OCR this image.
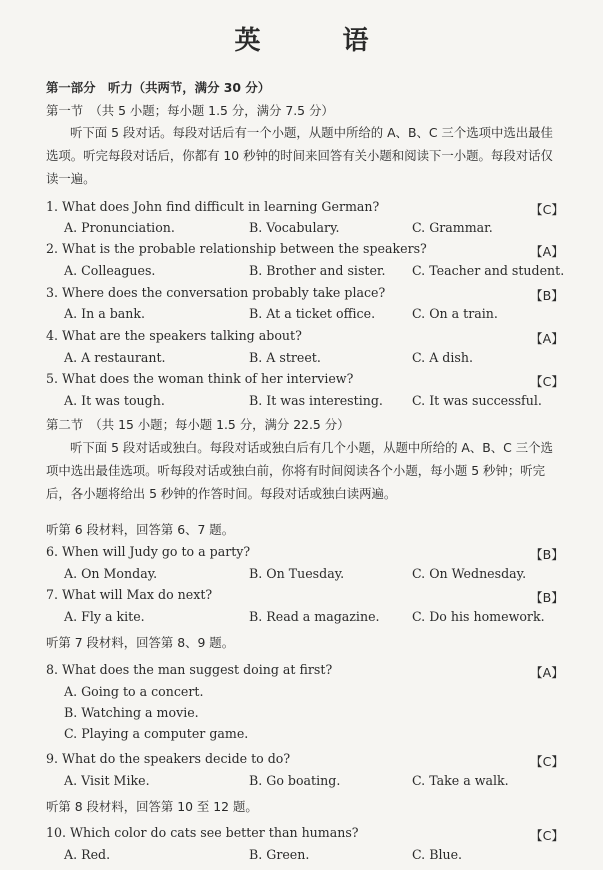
英　语
第一部分　听力（共两节，满分 30 分）
第一节　（共 5 小题；每小题 1.5 分，满分 7.5 分）
听下面 5 段对话。每段对话后有一个小题，从题中所给的 A、B、C 三个选项中选出最佳选项。听完每段对话后，你都有 10 秒钟的时间来回答有关小题和阅读下一小题。每段对话仅读一遍。
1. What does John find difficult in learning German?	【C】
A. Pronunciation.	B. Vocabulary.	C. Grammar.
2. What is the probable relationship between the speakers?	【A】
A. Colleagues.	B. Brother and sister. C. Teacher and student.
3. Where does the conversation probably take place?	【B】
A. In a bank.	B. At a ticket office.	C. On a train.
4. What are the speakers talking about?	【A】
A. A restaurant.	B. A street.	C. A dish.
5. What does the woman think of her interview?	【C】
A. It was tough.	B. It was interesting. C. It was successful.
第二节　（共 15 小题；每小题 1.5 分，满分 22.5 分）
听下面 5 段对话或独白。每段对话或独白后有几个小题，从题中所给的 A、B、C 三个选项中选出最佳选项。听每段对话或独白前，你将有时间阅读各个小题，每小题 5 秒钟；听完后，各小题将给出 5 秒钟的作答时间。每段对话或独白读两遍。
听第 6 段材料，回答第 6、7 题。
6. When will Judy go to a party?	【B】
A. On Monday.	B. On Tuesday.	C. On Wednesday.
7. What will Max do next?	【B】
A. Fly a kite.	B. Read a magazine.	C. Do his homework.
听第 7 段材料，回答第 8、9 题。
8. What does the man suggest doing at first?	【A】
A. Going to a concert.
B. Watching a movie.
C. Playing a computer game.
9. What do the speakers decide to do?	【C】
A. Visit Mike.	B. Go boating.	C. Take a walk.
听第 8 段材料，回答第 10 至 12 题。
10. Which color do cats see better than humans?	【C】
A. Red.	B. Green.	C. Blue.
